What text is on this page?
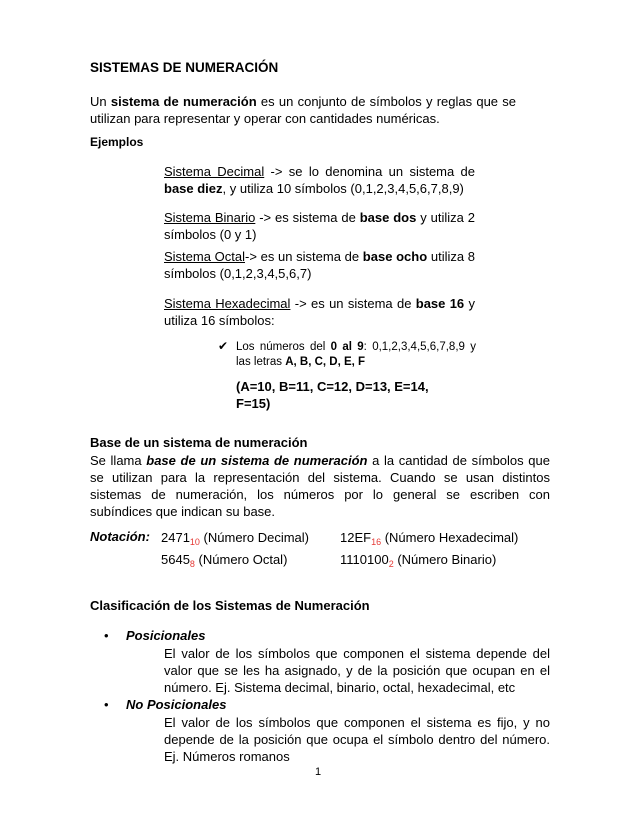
SISTEMAS DE NUMERACIÓN
Un sistema de numeración es un conjunto de símbolos y reglas que se utilizan para representar y operar con cantidades numéricas.
Ejemplos
Sistema Decimal -> se lo denomina un sistema de base diez, y utiliza 10 símbolos (0,1,2,3,4,5,6,7,8,9)
Sistema Binario -> es sistema de base dos y utiliza 2 símbolos (0 y 1)
Sistema Octal-> es un sistema de base ocho utiliza 8 símbolos (0,1,2,3,4,5,6,7)
Sistema Hexadecimal -> es un sistema de base 16 y utiliza 16 símbolos:
✔ Los números del 0 al 9: 0,1,2,3,4,5,6,7,8,9 y las letras A, B, C, D, E, F
(A=10, B=11, C=12, D=13, E=14, F=15)
Base de un sistema de numeración
Se llama base de un sistema de numeración a la cantidad de símbolos que se utilizan para la representación del sistema. Cuando se usan distintos sistemas de numeración, los números por lo general se escriben con subíndices que indican su base.
Notación: $2471_{10}$ (Número Decimal) $12EF_{16}$ (Número Hexadecimal)
$5645_8$ (Número Octal)	$1110100_2$ (Número Binario)
Clasificación de los Sistemas de Numeración
• Posicionales
El valor de los símbolos que componen el sistema depende del valor que se les ha asignado, y de la posición que ocupan en el número. Ej. Sistema decimal, binario, octal, hexadecimal, etc
• No Posicionales
El valor de los símbolos que componen el sistema es fijo, y no depende de la posición que ocupa el símbolo dentro del número. Ej. Números romanos
1
